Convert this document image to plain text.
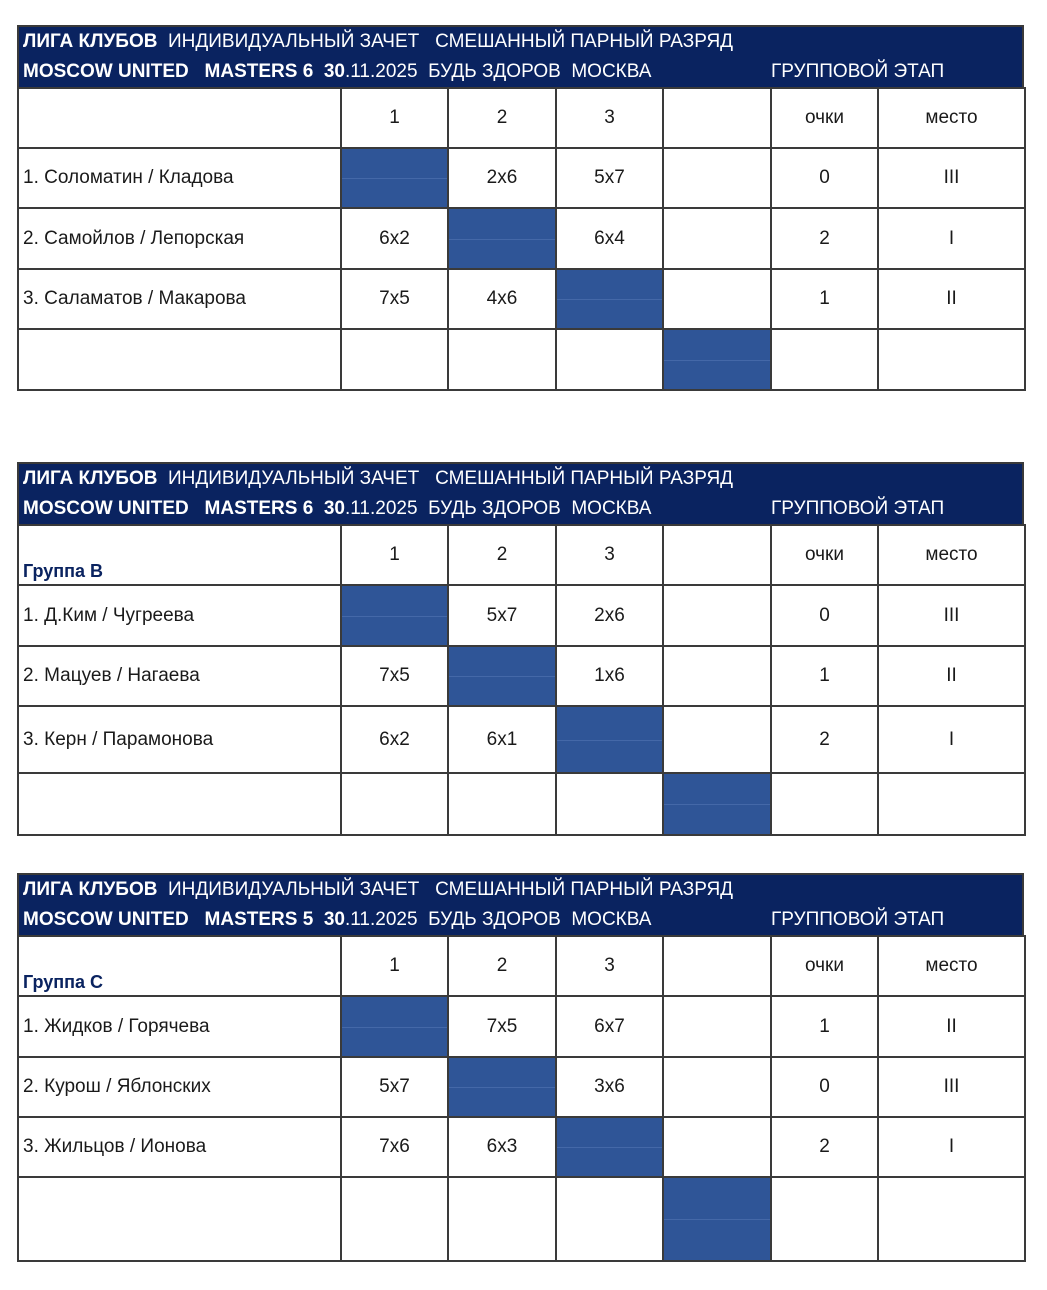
ЛИГА КЛУБОВ  ИНДИВИДУАЛЬНЫЙ ЗАЧЕТ   СМЕШАННЫЙ ПАРНЫЙ РАЗРЯД
MOSCOW UNITED   MASTERS 6  30.11.2025  БУДЬ ЗДОРОВ  МОСКВА	ГРУППОВОЙ ЭТАП
	1	2	3		очки	место
1. Соломатин / Кладова		2х6	5х7		0	III
2. Самойлов / Лепорская	6х2		6х4		2	I
3. Саламатов / Макарова	7х5	4х6			1	II

ЛИГА КЛУБОВ  ИНДИВИДУАЛЬНЫЙ ЗАЧЕТ   СМЕШАННЫЙ ПАРНЫЙ РАЗРЯД
MOSCOW UNITED   MASTERS 6  30.11.2025  БУДЬ ЗДОРОВ  МОСКВА	ГРУППОВОЙ ЭТАП
Группа В	1	2	3		очки	место
1. Д.Ким / Чугреева		5х7	2х6		0	III
2. Мацуев / Нагаева	7х5		1х6		1	II
3. Керн / Парамонова	6х2	6х1			2	I

ЛИГА КЛУБОВ  ИНДИВИДУАЛЬНЫЙ ЗАЧЕТ   СМЕШАННЫЙ ПАРНЫЙ РАЗРЯД
MOSCOW UNITED   MASTERS 5  30.11.2025  БУДЬ ЗДОРОВ  МОСКВА	ГРУППОВОЙ ЭТАП
Группа С	1	2	3		очки	место
1. Жидков / Горячева		7х5	6х7		1	II
2. Курош / Яблонских	5х7		3х6		0	III
3. Жильцов / Ионова	7х6	6х3			2	I
